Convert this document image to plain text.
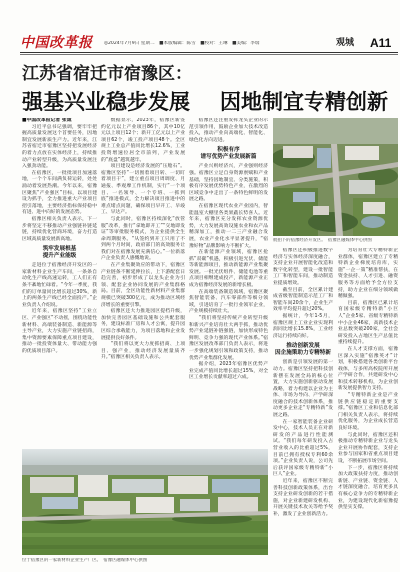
中国改革报	◎2024年7月9日 星期二　■本版编辑：陈雪　■校对：王琳　■美编：李瑞	观城 A11
江苏省宿迁市宿豫区：
强基兴业稳步发展 因地制宜专精创新

■中国改革报记者 张诚

习近平总书记强调，要牢牢把握高质量发展这个首要任务，因地制宜发展新质生产力。近年来，江苏省宿迁市宿豫区坚持把发展经济的着力点放在实体经济上，持续推动产业转型升级，为高质量发展注入强劲动能。

在宿豫区，一批批项目加速落地，一个个车间满负荷运转，处处涌动着发展热潮。今年以来，宿豫区聚焦“产业强区”目标，以项目建设为抓手，全力推进重大产业项目招引落地，主要经济指标保持稳中有进、进中向好的发展态势。

宿豫区相关负责人表示，下一步将坚定不移推动产业强链补链延链，持续优化营商环境，奋力打造区域高质量发展新高地。

筑牢发展根基
提升产业能级

走进位于宿豫经济开发区的一家新材料企业生产车间，一条条自动化生产线高速运转，工人们正有条不紊地忙碌着。“今年一季度，我们的订单量同比增长超过30%，新上的两条生产线已经全面投产。”企业负责人介绍说。

近年来，宿豫区坚持“工业立区、产业强区”不动摇，围绕功能性新材料、高端装备制造、新能源等主导产业，大力实施产业链招商，集中资源要素保障重点项目建设，推动一批投资体量大、带动能力强的优质项目落户。

数据显示，2023年，宿豫区新签约亿元以上产业项目86个，其中10亿元以上项目12个；新开工亿元以上产业项目62个，竣工投产项目48个。全区规上工业总产值同比增长12.6%，工业投资增速位居全市前列，产业发展的“底盘”越筑越牢。

项目建设是经济发展的“压舱石”。宿豫区坚持“一切围着项目转、一切盯着项目干”，建立重点项目周调度、月通报、季观摩工作机制，实行“一个项目、一名领导、一个专班、一抓到底”推进模式，全力解决项目推进中的难点堵点问题，确保项目早开工、早竣工、早达产。

与此同时，宿豫区持续深化“放管服”改革，推行“拿地即开工”“交地即发证”等审批服务模式，为企业提供全生命周期服务。“从签约到开工只用了不到两个月时间，政府部门的高效服务让我们对在宿豫发展充满信心。”一位新落户企业负责人感慨地说。

在产业集聚效应的带动下，宿豫区产业链条不断延伸拉长，上下游配套日趋完善，初步形成了以龙头企业为引领、配套企业协同发展的产业集群格局。目前，全区功能性新材料产业集群规模已突破300亿元，成为推动区域经济增长的重要引擎。

宿豫区还大力推进园区提档升级，加快完善园区基础设施和公共配套服务，建设标准厂房和人才公寓，提升园区综合承载能力，为项目落地和企业发展提供良好条件。

“我们将以更大力度抓招商、上项目、强产业，推动经济发展量质齐升。”宿豫区相关负责人表示。

宿豫区还注重发挥龙头企业的示范引领作用，鼓励企业加大技术改造投入，推动产业向高端化、智能化、绿色化方向迈进。

积极有序
谱写优势产业发展新篇

产业兴则经济兴，产业强则经济强。宿豫区立足自身资源禀赋和产业基础，坚持因地制宜、分类施策，积极有序发展优势特色产业，在激烈的区域竞争中走出了一条特色鲜明的发展之路。

在宿豫区现代农业产业园内，智能温室大棚里各类果蔬长势喜人。近年来，宿豫区充分发挥农业资源优势，大力发展高效设施农业和农产品精深加工，推动一二三产业融合发展，农业产业化水平显著提升，“宿豫好物”品牌影响力不断扩大。

在新能源产业领域，宿豫区抢抓“双碳”机遇，积极引进光伏、储能等新能源项目，推动新能源产业集聚发展。一批光伏组件、储能电池等重点项目相继建成投产，新能源产业正成为宿豫经济发展的新增长极。

在高端装备制造领域，宿豫区聚焦智能装备、汽车零部件等细分领域，引进培育了一批行业领军企业，产业规模持续壮大。

“我们将坚持传统产业转型升级和新兴产业培育壮大两手抓，推动优势产业延链补链强链，加快形成特色鲜明、竞争力强的现代产业体系。”宿豫区发展改革部门负责人表示，将进一步强化规划引领和政策支持，推动优势产业集群化发展。

据介绍，2023年宿豫区优势产业完成产值同比增长超过15%，对全区工业增长贡献率超过六成。

航拍下的宿豫经济开发区。　宿豫区融媒体中心供图

宿豫区还积极推进数字经济与实体经济深度融合，支持企业开展智能化改造和数字化转型，建设一批智能工厂和智能车间，推动制造业提质增效。

截至目前，全区累计建成省级智能制造示范工厂和智能车间20余个，企业生产效率平均提升超过20%。

据统计，今年1-5月，宿豫区规上工业企业实现利润同比增长15.8%，工业经济运行持续向好。

推动创新发展
因企施策助力专精特新

创新是引领发展的第一动力。宿豫区坚持把科技创新摆在发展全局的核心位置，大力实施创新驱动发展战略，着力构建以企业为主体、市场为导向、产学研深度融合的技术创新体系，推动更多企业走“专精特新”发展之路。

在一家智能装备企业研发中心，技术人员正在对新研发的产品进行性能测试。“我们每年研发投入占营业收入的比重超过5%，目前已拥有授权专利60余项。”企业负责人说，公司先后获评国家级专精特新“小巨人”企业。

近年来，宿豫区不断完善科技创新政策体系，出台支持企业研发创新的若干措施，对企业新建研发机构、开展关键技术攻关等给予奖补，激发了企业创新活力。

为培育壮大专精特新企业群体，宿豫区建立了专精特新企业梯度培育库，实施“一企一策”精准帮扶，在资金扶持、人才引进、融资服务等方面给予全方位支持，助力企业在细分领域做精做强。

目前，宿豫区已累计培育国家级专精特新“小巨人”企业5家、省级专精特新中小企业46家，高新技术企业总数突破200家，全社会研发投入占地区生产总值比重持续提升。

在人才支撑方面，宿豫区深入实施“宿豫英才”计划，积极搭建各类创新平台载体，与多所高校院所开展产学研合作，共建研发中心和技术转移机构，为企业创新发展提供智力支持。

“专精特新企业是产业链供应链稳定的重要支撑。”宿豫区工业和信息化部门相关负责人表示，将持续优化服务，为企业成长营造良好环境。

与此同时，宿豫区还积极推动专精特新企业与龙头企业开展协作配套，支持企业参与国家和省重点项目建设，不断拓展市场空间。

下一步，宿豫区将持续加大政策扶持力度，推动创新链、产业链、资金链、人才链深度融合，培育更多具有核心竞争力的专精特新企业，为建设现代化新宿豫提供坚实支撑。

位于宿豫区的一家新材料企业生产厂区。　宿豫区融媒体中心供图
